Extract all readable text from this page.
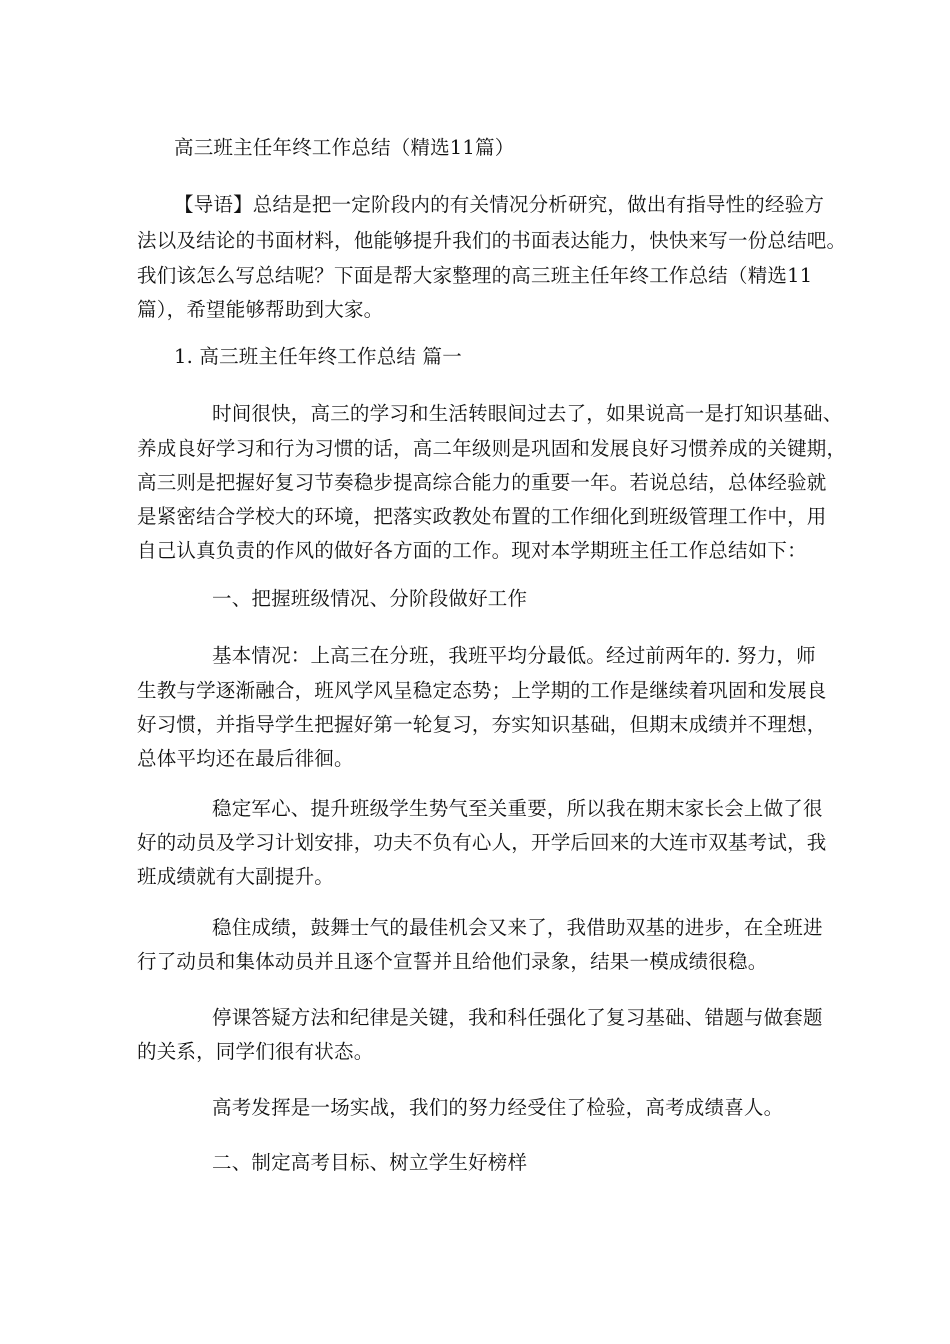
高三班主任年终工作总结（精选11篇）
【导语】总结是把一定阶段内的有关情况分析研究，做出有指导性的经验方
法以及结论的书面材料，他能够提升我们的书面表达能力，快快来写一份总结吧。
我们该怎么写总结呢？下面是帮大家整理的高三班主任年终工作总结（精选11
篇），希望能够帮助到大家。
1. 高三班主任年终工作总结 篇一
时间很快，高三的学习和生活转眼间过去了，如果说高一是打知识基础、
养成良好学习和行为习惯的话，高二年级则是巩固和发展良好习惯养成的关键期，
高三则是把握好复习节奏稳步提高综合能力的重要一年。若说总结，总体经验就
是紧密结合学校大的环境，把落实政教处布置的工作细化到班级管理工作中，用
自己认真负责的作风的做好各方面的工作。现对本学期班主任工作总结如下：
一、把握班级情况、分阶段做好工作
基本情况：上高三在分班，我班平均分最低。经过前两年的. 努力，师
生教与学逐渐融合，班风学风呈稳定态势；上学期的工作是继续着巩固和发展良
好习惯，并指导学生把握好第一轮复习，夯实知识基础，但期末成绩并不理想，
总体平均还在最后徘徊。
稳定军心、提升班级学生势气至关重要，所以我在期末家长会上做了很
好的动员及学习计划安排，功夫不负有心人，开学后回来的大连市双基考试，我
班成绩就有大副提升。
稳住成绩，鼓舞士气的最佳机会又来了，我借助双基的进步，在全班进
行了动员和集体动员并且逐个宣誓并且给他们录象，结果一模成绩很稳。
停课答疑方法和纪律是关键，我和科任强化了复习基础、错题与做套题
的关系，同学们很有状态。
高考发挥是一场实战，我们的努力经受住了检验，高考成绩喜人。
二、制定高考目标、树立学生好榜样
